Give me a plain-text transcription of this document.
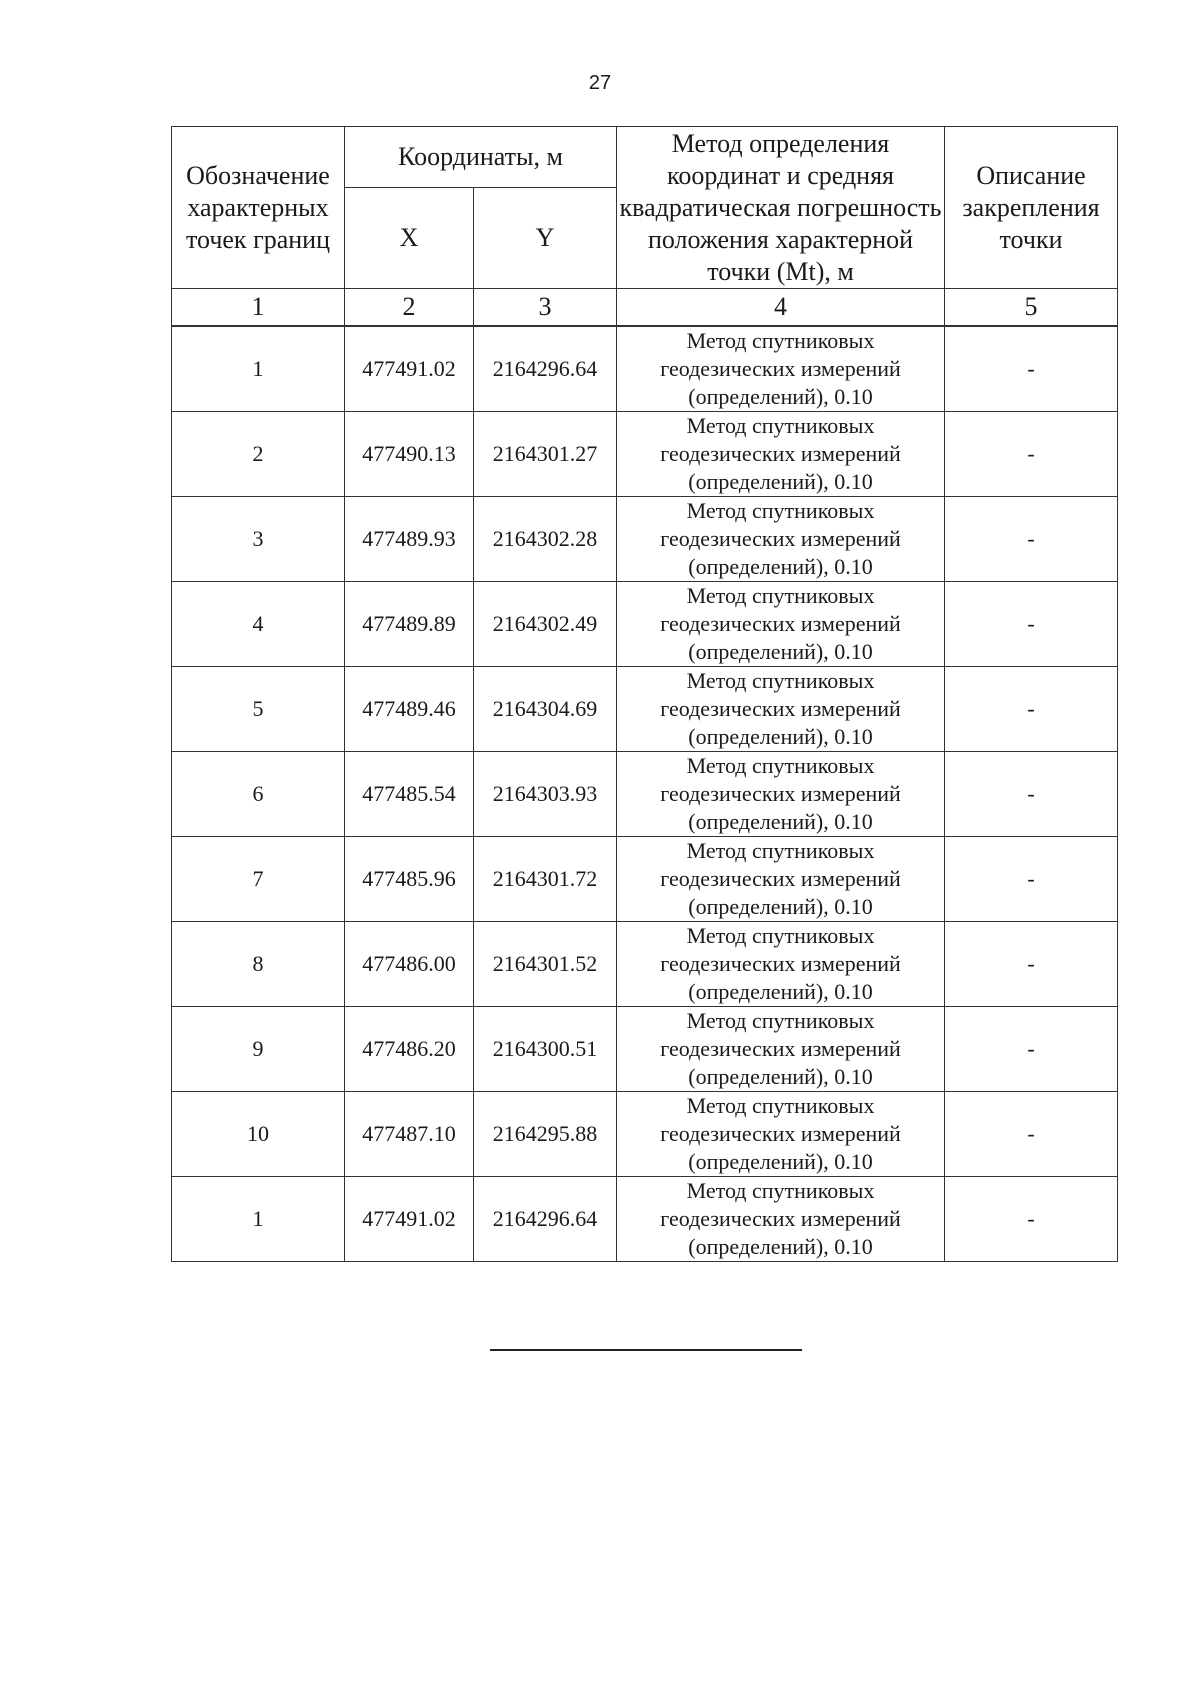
27
Обозначение характерных точек границ	Координаты, м		Метод определения координат и средняя квадратическая погрешность положения характерной точки (Mt), м	Описание закрепления точки
	X	Y		
1	2	3	4	5
1	477491.02	2164296.64	Метод спутниковых геодезических измерений (определений), 0.10	-
2	477490.13	2164301.27	Метод спутниковых геодезических измерений (определений), 0.10	-
3	477489.93	2164302.28	Метод спутниковых геодезических измерений (определений), 0.10	-
4	477489.89	2164302.49	Метод спутниковых геодезических измерений (определений), 0.10	-
5	477489.46	2164304.69	Метод спутниковых геодезических измерений (определений), 0.10	-
6	477485.54	2164303.93	Метод спутниковых геодезических измерений (определений), 0.10	-
7	477485.96	2164301.72	Метод спутниковых геодезических измерений (определений), 0.10	-
8	477486.00	2164301.52	Метод спутниковых геодезических измерений (определений), 0.10	-
9	477486.20	2164300.51	Метод спутниковых геодезических измерений (определений), 0.10	-
10	477487.10	2164295.88	Метод спутниковых геодезических измерений (определений), 0.10	-
1	477491.02	2164296.64	Метод спутниковых геодезических измерений (определений), 0.10	-
